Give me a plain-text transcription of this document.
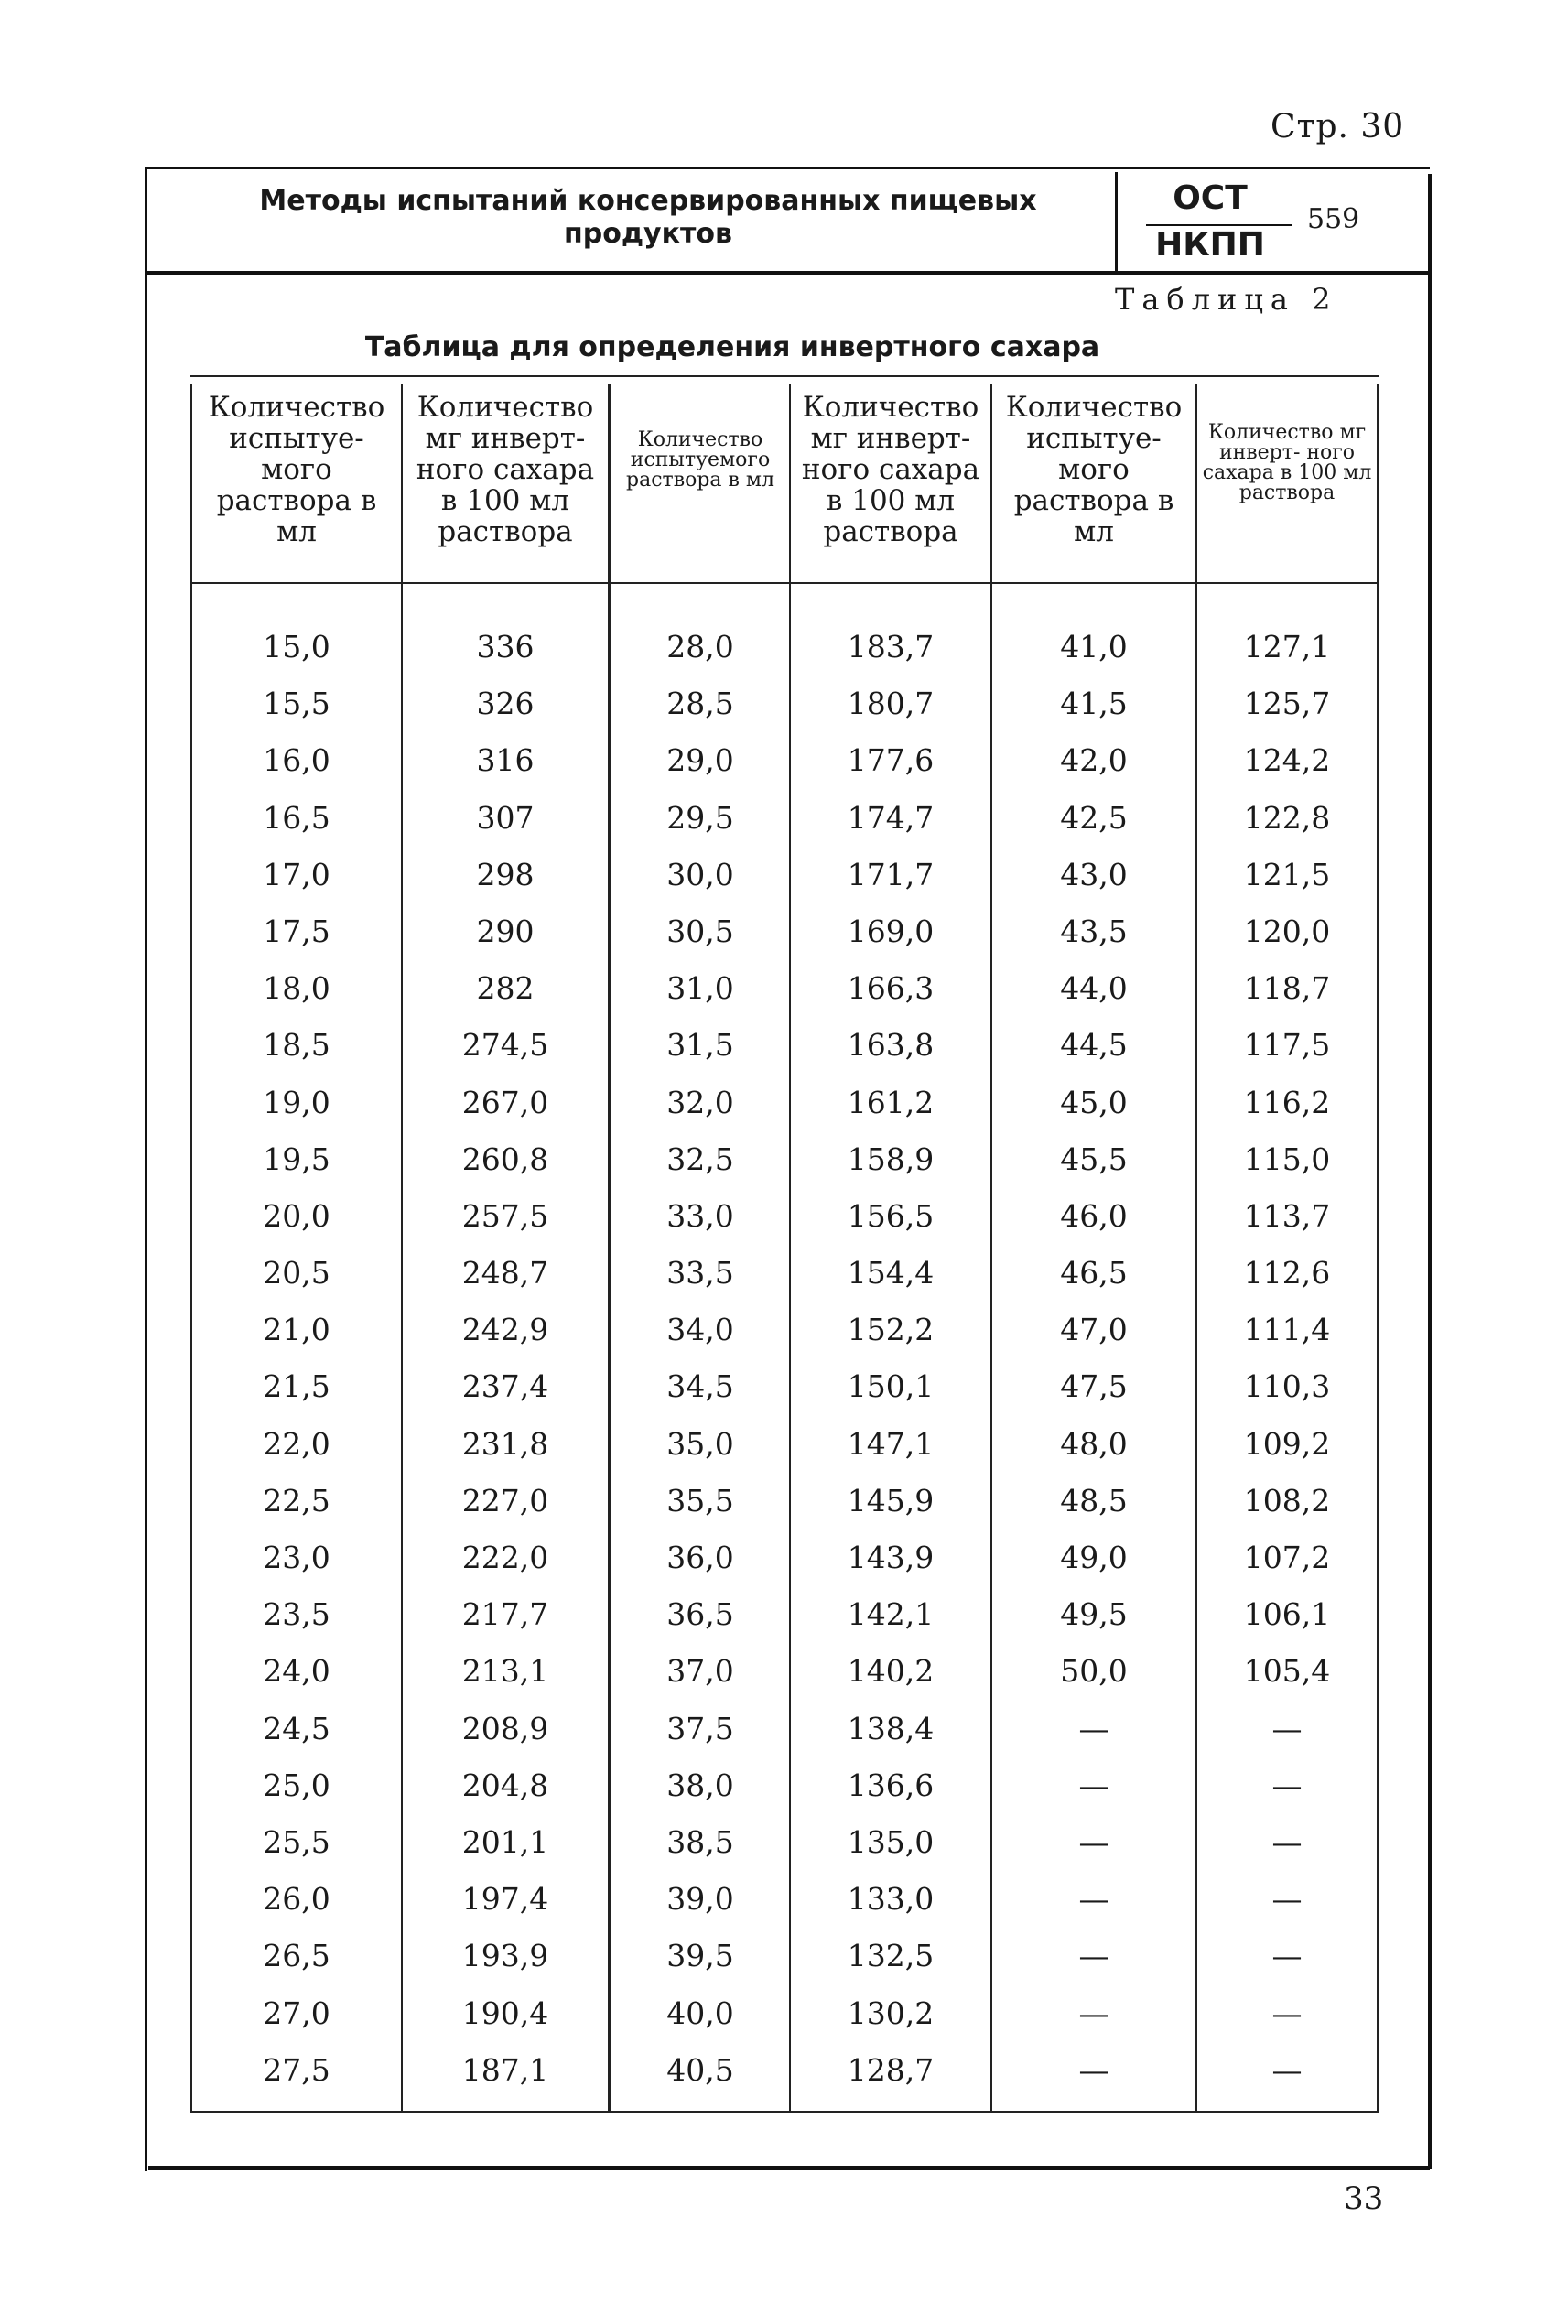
Стр. 30
Методы испытаний консервированных пищевых продуктов
ОСТ
НКПП
559
Таблица 2
Таблица для определения инвертного сахара
Количество испытуе- мого раствора в мл
Количество мг инверт- ного сахара в 100 мл раствора
Количество испытуемого раствора в мл
Количество мг инверт- ного сахара в 100 мл раствора
Количество испытуе- мого раствора в мл
Количество мг инверт- ного сахара в 100 мл раствора
15,0
15,5
16,0
16,5
17,0
17,5
18,0
18,5
19,0
19,5
20,0
20,5
21,0
21,5
22,0
22,5
23,0
23,5
24,0
24,5
25,0
25,5
26,0
26,5
27,0
27,5
336
326
316
307
298
290
282
274,5
267,0
260,8
257,5
248,7
242,9
237,4
231,8
227,0
222,0
217,7
213,1
208,9
204,8
201,1
197,4
193,9
190,4
187,1
28,0
28,5
29,0
29,5
30,0
30,5
31,0
31,5
32,0
32,5
33,0
33,5
34,0
34,5
35,0
35,5
36,0
36,5
37,0
37,5
38,0
38,5
39,0
39,5
40,0
40,5
183,7
180,7
177,6
174,7
171,7
169,0
166,3
163,8
161,2
158,9
156,5
154,4
152,2
150,1
147,1
145,9
143,9
142,1
140,2
138,4
136,6
135,0
133,0
132,5
130,2
128,7
41,0
41,5
42,0
42,5
43,0
43,5
44,0
44,5
45,0
45,5
46,0
46,5
47,0
47,5
48,0
48,5
49,0
49,5
50,0
—
—
—
—
—
—
—
127,1
125,7
124,2
122,8
121,5
120,0
118,7
117,5
116,2
115,0
113,7
112,6
111,4
110,3
109,2
108,2
107,2
106,1
105,4
—
—
—
—
—
—
—
33
